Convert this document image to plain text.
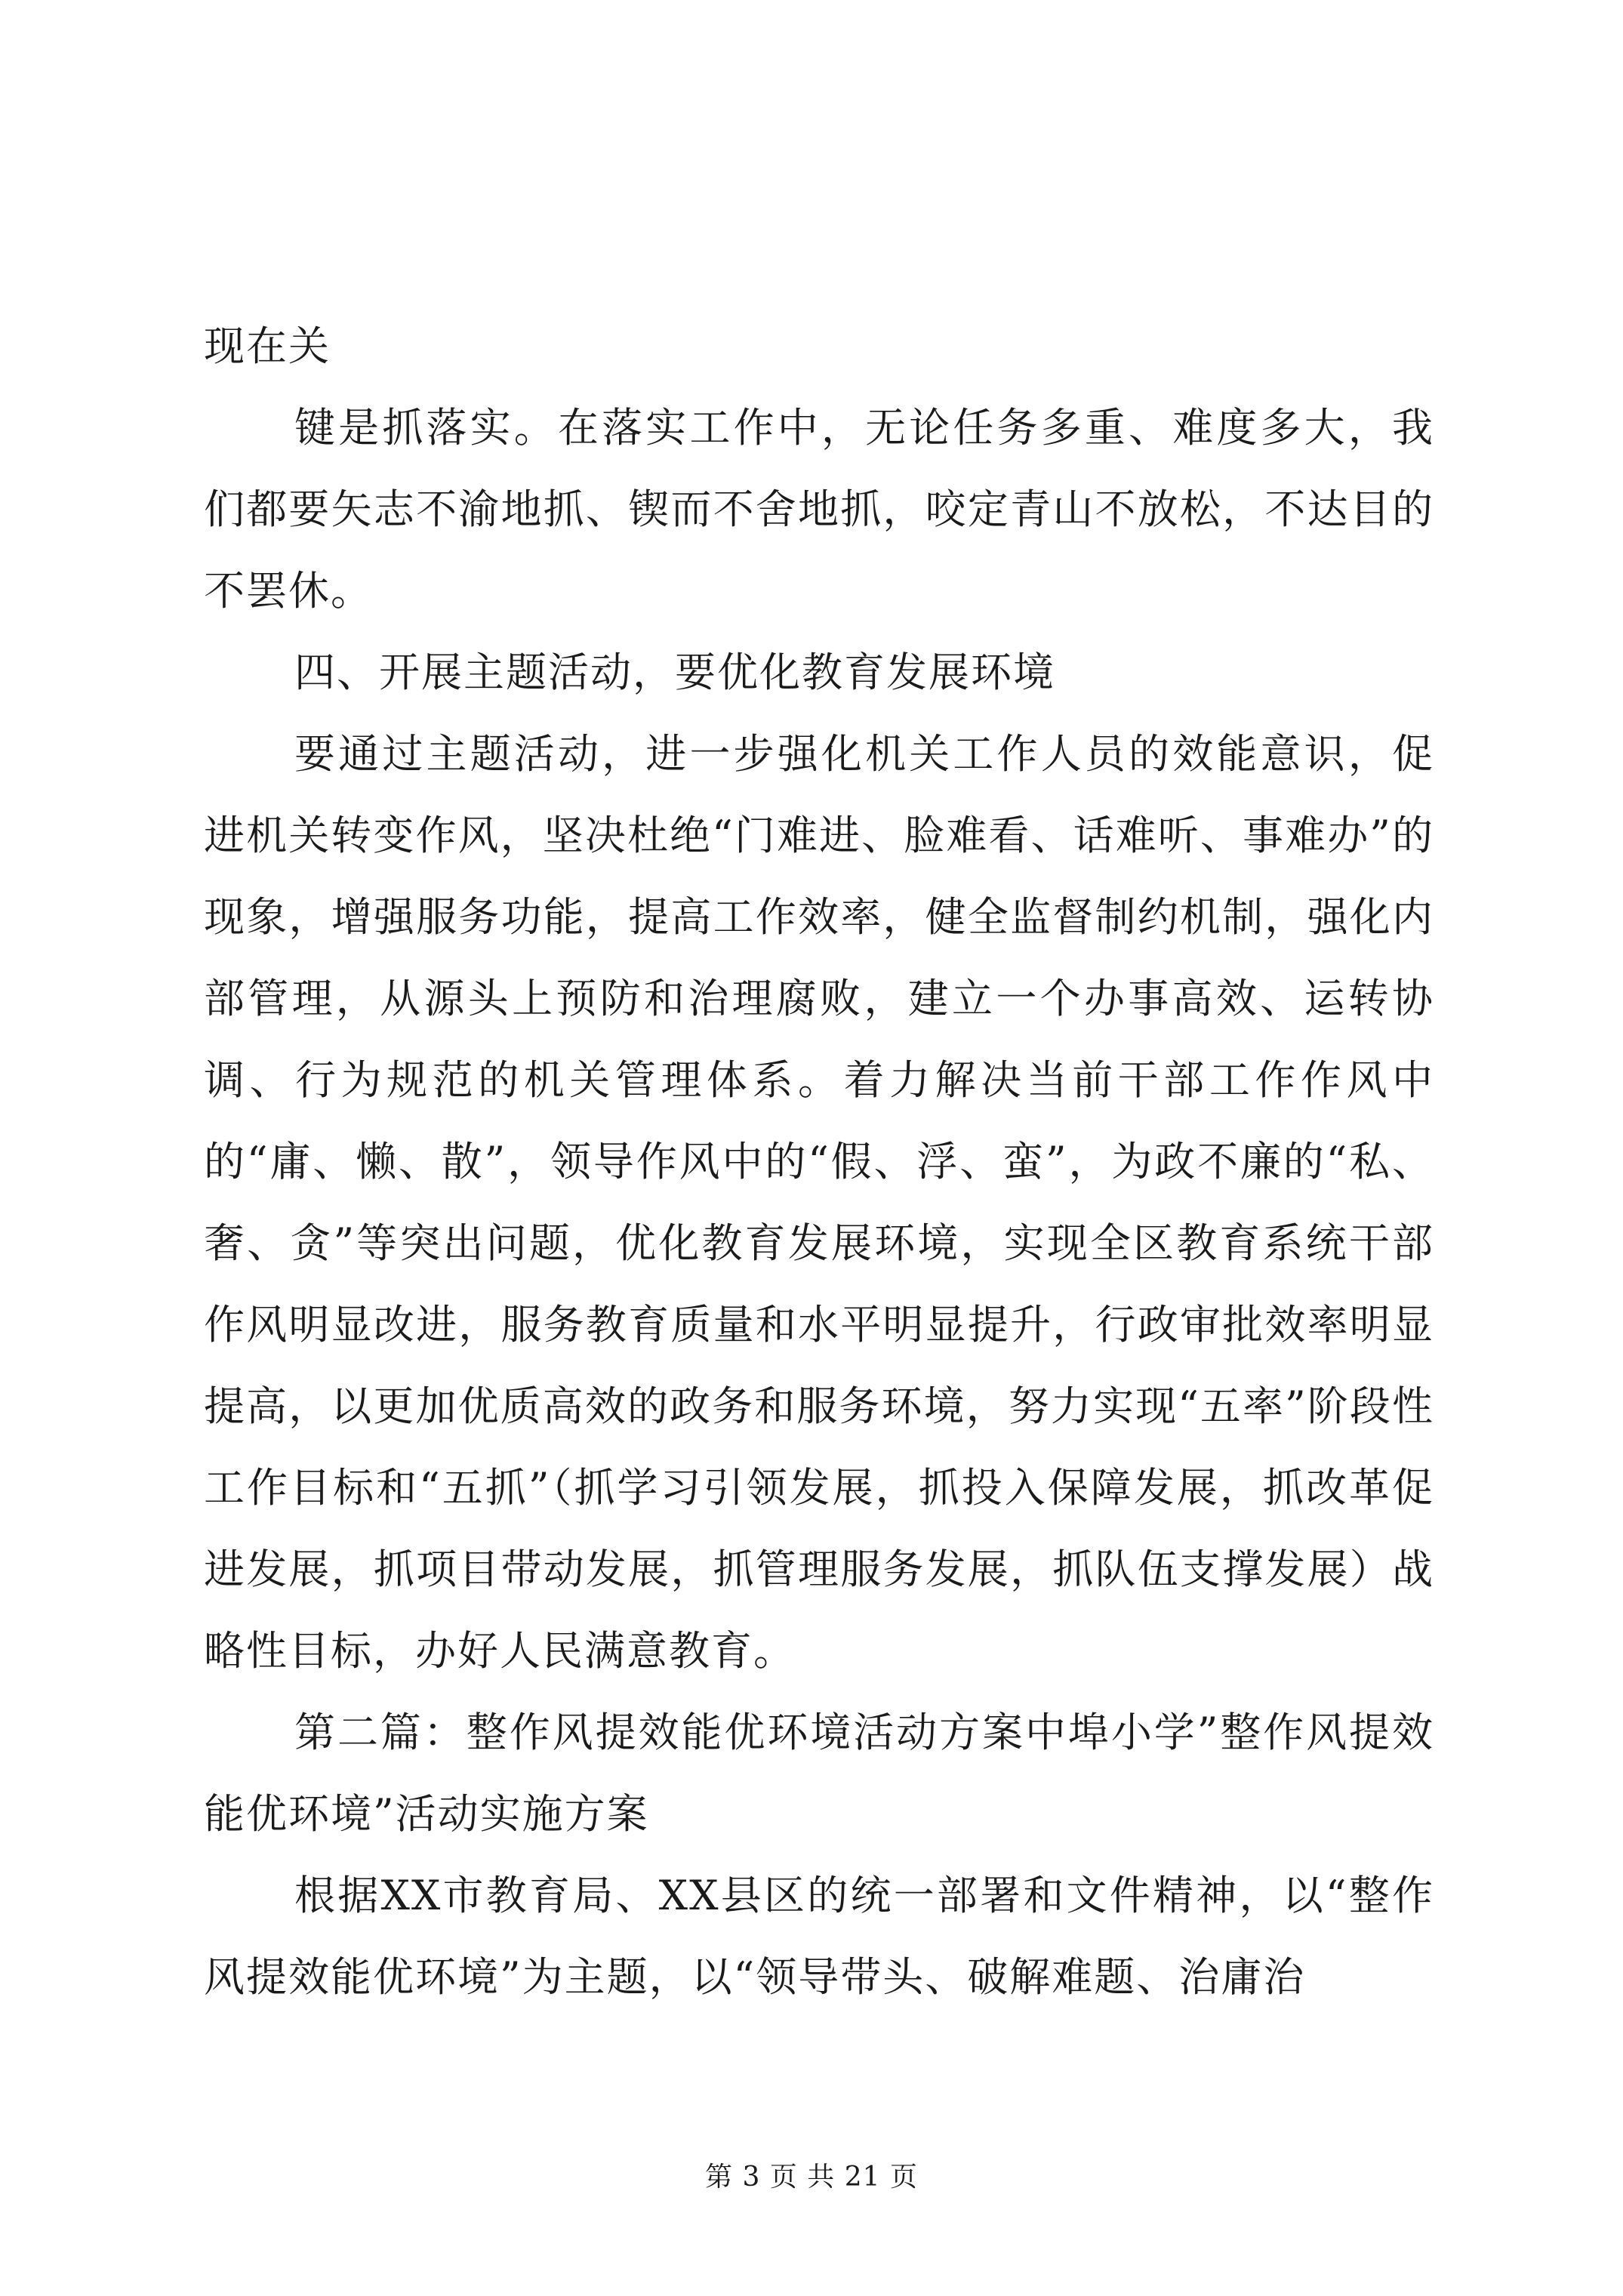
现在关

键是抓落实。在落实工作中，无论任务多重、难度多大，我们都要矢志不渝地抓、锲而不舍地抓，咬定青山不放松，不达目的不罢休。

四、开展主题活动，要优化教育发展环境

要通过主题活动，进一步强化机关工作人员的效能意识，促进机关转变作风，坚决杜绝“门难进、脸难看、话难听、事难办”的现象，增强服务功能，提高工作效率，健全监督制约机制，强化内部管理，从源头上预防和治理腐败，建立一个办事高效、运转协调、行为规范的机关管理体系。着力解决当前干部工作作风中的“庸、懒、散”，领导作风中的“假、浮、蛮”，为政不廉的“私、奢、贪”等突出问题，优化教育发展环境，实现全区教育系统干部作风明显改进，服务教育质量和水平明显提升，行政审批效率明显提高，以更加优质高效的政务和服务环境，努力实现“五率”阶段性工作目标和“五抓”（抓学习引领发展，抓投入保障发展，抓改革促进发展，抓项目带动发展，抓管理服务发展，抓队伍支撑发展）战略性目标，办好人民满意教育。

第二篇：整作风提效能优环境活动方案中埠小学”整作风提效能优环境”活动实施方案

根据XX市教育局、XX县区的统一部署和文件精神，以“整作风提效能优环境”为主题，以“领导带头、破解难题、治庸治

第 3 页 共 21 页
